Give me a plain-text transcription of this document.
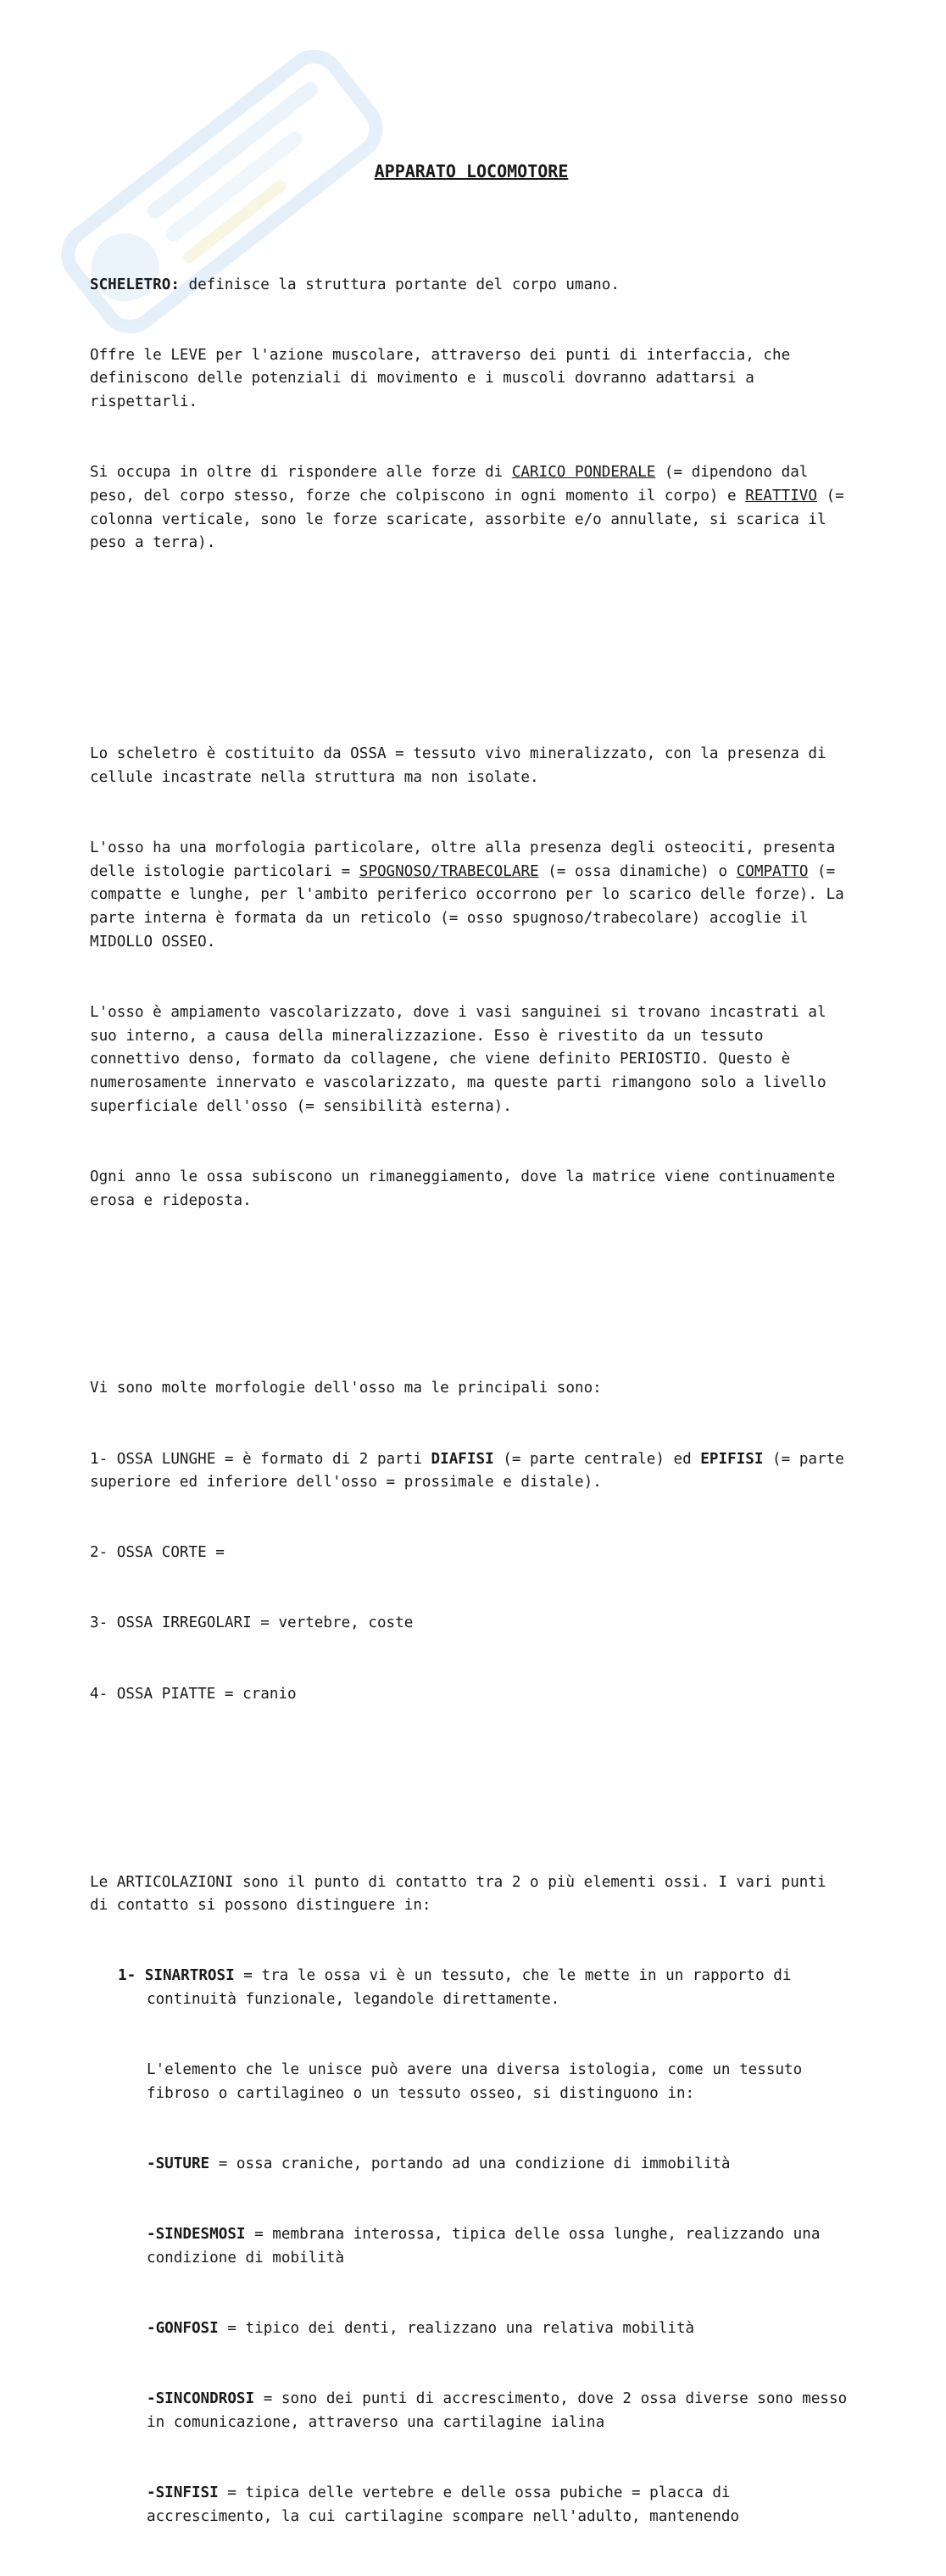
APPARATO LOCOMOTORE

SCHELETRO: definisce la struttura portante del corpo umano.

Offre le LEVE per l'azione muscolare, attraverso dei punti di interfaccia, che definiscono delle potenziali di movimento e i muscoli dovranno adattarsi a rispettarli.

Si occupa in oltre di rispondere alle forze di CARICO PONDERALE (= dipendono dal peso, del corpo stesso, forze che colpiscono in ogni momento il corpo) e REATTIVO (= colonna verticale, sono le forze scaricate, assorbite e/o annullate, si scarica il peso a terra).

Lo scheletro è costituito da OSSA = tessuto vivo mineralizzato, con la presenza di cellule incastrate nella struttura ma non isolate.

L'osso ha una morfologia particolare, oltre alla presenza degli osteociti, presenta delle istologie particolari = SPOGNOSO/TRABECOLARE (= ossa dinamiche) o COMPATTO (= compatte e lunghe, per l'ambito periferico occorrono per lo scarico delle forze). La parte interna è formata da un reticolo (= osso spugnoso/trabecolare) accoglie il MIDOLLO OSSEO.

L'osso è ampiamento vascolarizzato, dove i vasi sanguinei si trovano incastrati al suo interno, a causa della mineralizzazione. Esso è rivestito da un tessuto connettivo denso, formato da collagene, che viene definito PERIOSTIO. Questo è numerosamente innervato e vascolarizzato, ma queste parti rimangono solo a livello superficiale dell'osso (= sensibilità esterna).

Ogni anno le ossa subiscono un rimaneggiamento, dove la matrice viene continuamente erosa e rideposta.

Vi sono molte morfologie dell'osso ma le principali sono:

1- OSSA LUNGHE = è formato di 2 parti DIAFISI (= parte centrale) ed EPIFISI (= parte superiore ed inferiore dell'osso = prossimale e distale).

2- OSSA CORTE =

3- OSSA IRREGOLARI = vertebre, coste

4- OSSA PIATTE = cranio

Le ARTICOLAZIONI sono il punto di contatto tra 2 o più elementi ossi. I vari punti di contatto si possono distinguere in:

1- SINARTROSI = tra le ossa vi è un tessuto, che le mette in un rapporto di continuità funzionale, legandole direttamente.

L'elemento che le unisce può avere una diversa istologia, come un tessuto fibroso o cartilagineo o un tessuto osseo, si distinguono in:

-SUTURE = ossa craniche, portando ad una condizione di immobilità

-SINDESMOSI = membrana interossa, tipica delle ossa lunghe, realizzando una condizione di mobilità

-GONFOSI = tipico dei denti, realizzano una relativa mobilità

-SINCONDROSI = sono dei punti di accrescimento, dove 2 ossa diverse sono messo in comunicazione, attraverso una cartilagine ialina

-SINFISI = tipica delle vertebre e delle ossa pubiche = placca di accrescimento, la cui cartilagine scompare nell'adulto, mantenendo
